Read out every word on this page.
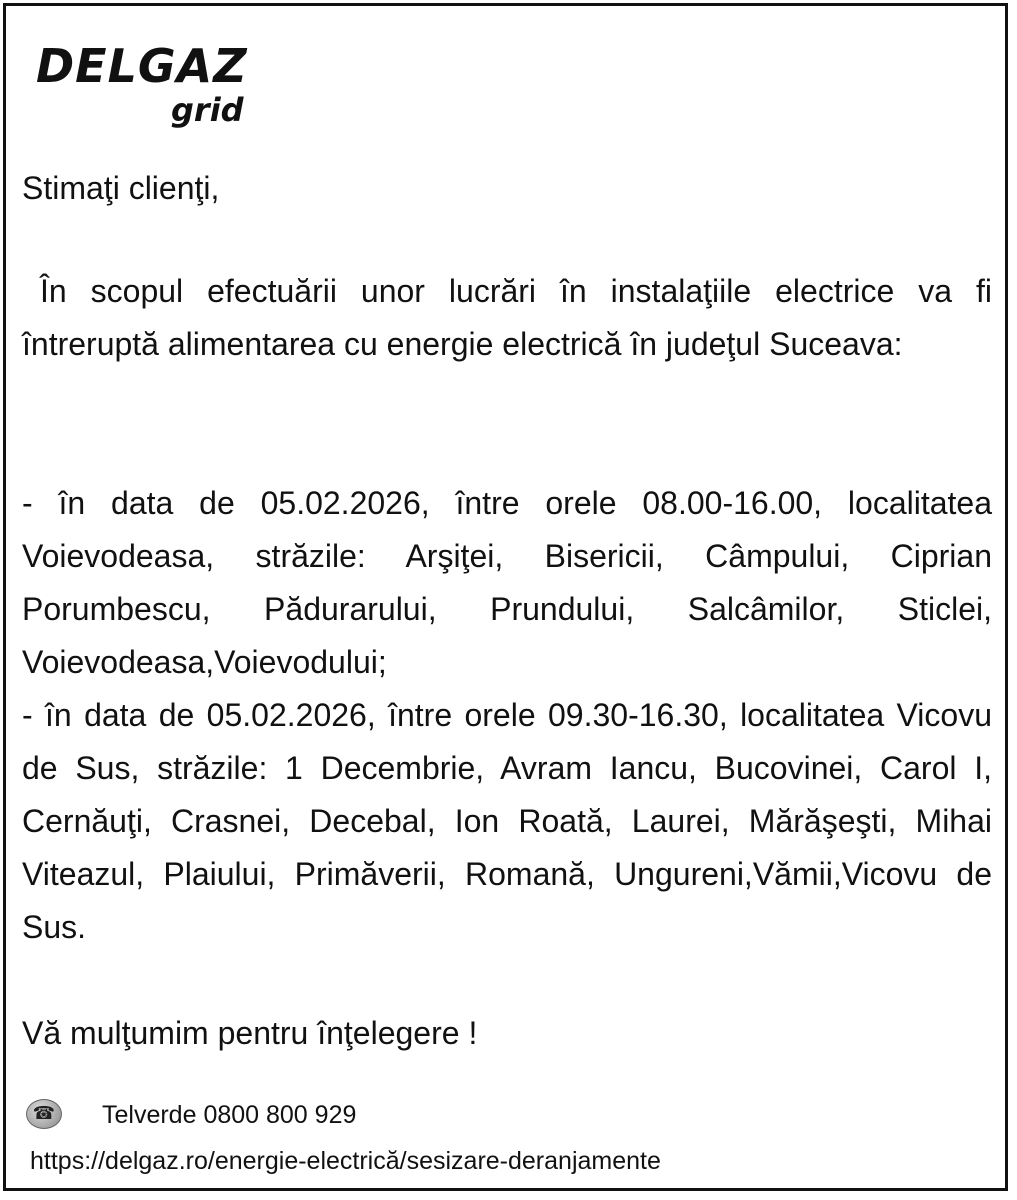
DELGAZ
grid
Stimaţi clienţi,
În scopul efectuării unor lucrări în instalaţiile electrice va fi întreruptă alimentarea cu energie electrică în judeţul Suceava:
- în data de 05.02.2026, între orele 08.00-16.00, localitatea Voievodeasa, străzile: Arşiţei, Bisericii, Câmpului, Ciprian Porumbescu, Pădurarului, Prundului, Salcâmilor, Sticlei, Voievodeasa,Voievodului;
- în data de 05.02.2026, între orele 09.30-16.30, localitatea Vicovu de Sus, străzile: 1 Decembrie, Avram Iancu, Bucovinei, Carol I, Cernăuţi, Crasnei, Decebal, Ion Roată, Laurei, Mărăşeşti, Mihai Viteazul, Plaiului, Primăverii, Romană, Ungureni,Vămii,Vicovu de Sus.
Vă mulţumim pentru înţelegere !
☎ Telverde 0800 800 929
https://delgaz.ro/energie-electrică/sesizare-deranjamente
